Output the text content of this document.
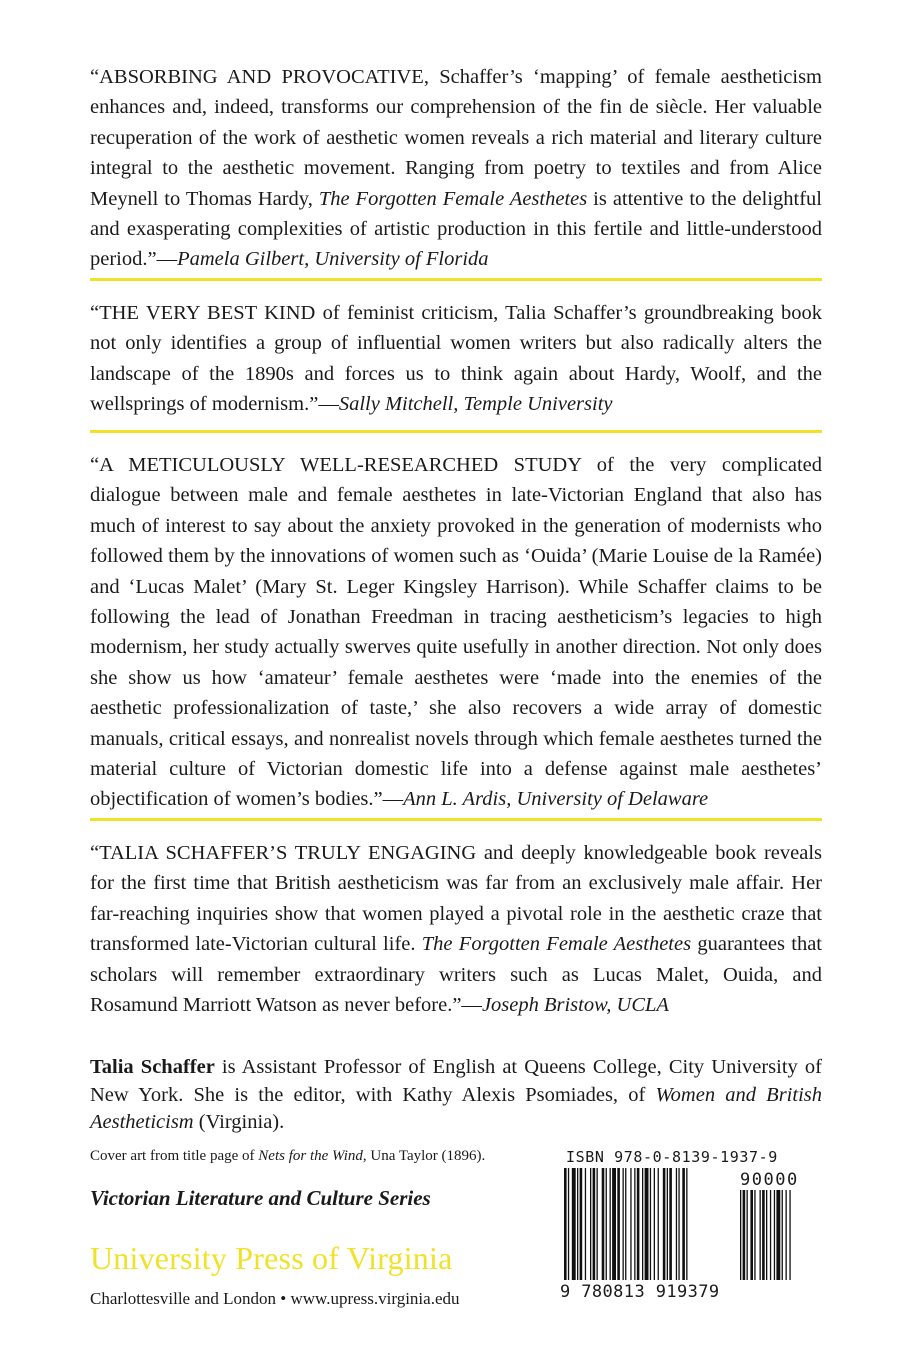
“ABSORBING AND PROVOCATIVE, Schaffer’s ‘mapping’ of female aestheticism enhances and, indeed, transforms our comprehension of the fin de siècle. Her valuable recuperation of the work of aesthetic women reveals a rich material and literary culture integral to the aesthetic movement. Ranging from poetry to textiles and from Alice Meynell to Thomas Hardy, The Forgotten Female Aesthetes is attentive to the delightful and exasperating complexities of artistic production in this fertile and little-understood period.”—Pamela Gilbert, University of Florida

“THE VERY BEST KIND of feminist criticism, Talia Schaffer’s groundbreaking book not only identifies a group of influential women writers but also radically alters the landscape of the 1890s and forces us to think again about Hardy, Woolf, and the wellsprings of modernism.”—Sally Mitchell, Temple University

“A METICULOUSLY WELL-RESEARCHED STUDY of the very complicated dialogue between male and female aesthetes in late-Victorian England that also has much of interest to say about the anxiety provoked in the generation of modernists who followed them by the innovations of women such as ‘Ouida’ (Marie Louise de la Ramée) and ‘Lucas Malet’ (Mary St. Leger Kingsley Harrison). While Schaffer claims to be following the lead of Jonathan Freedman in tracing aestheticism’s legacies to high modernism, her study actually swerves quite usefully in another direction. Not only does she show us how ‘amateur’ female aesthetes were ‘made into the enemies of the aesthetic professionalization of taste,’ she also recovers a wide array of domestic manuals, critical essays, and nonrealist novels through which female aesthetes turned the material culture of Victorian domestic life into a defense against male aesthetes’ objectification of women’s bodies.”—Ann L. Ardis, University of Delaware

“TALIA SCHAFFER’S TRULY ENGAGING and deeply knowledgeable book reveals for the first time that British aestheticism was far from an exclusively male affair. Her far-reaching inquiries show that women played a pivotal role in the aesthetic craze that transformed late-Victorian cultural life. The Forgotten Female Aesthetes guarantees that scholars will remember extraordinary writers such as Lucas Malet, Ouida, and Rosamund Marriott Watson as never before.”—Joseph Bristow, UCLA

Talia Schaffer is Assistant Professor of English at Queens College, City University of New York. She is the editor, with Kathy Alexis Psomiades, of Women and British Aestheticism (Virginia).

Cover art from title page of Nets for the Wind, Una Taylor (1896).

Victorian Literature and Culture Series

University Press of Virginia

Charlottesville and London • www.upress.virginia.edu

ISBN 978-0-8139-1937-9

90000

9 780813 919379
